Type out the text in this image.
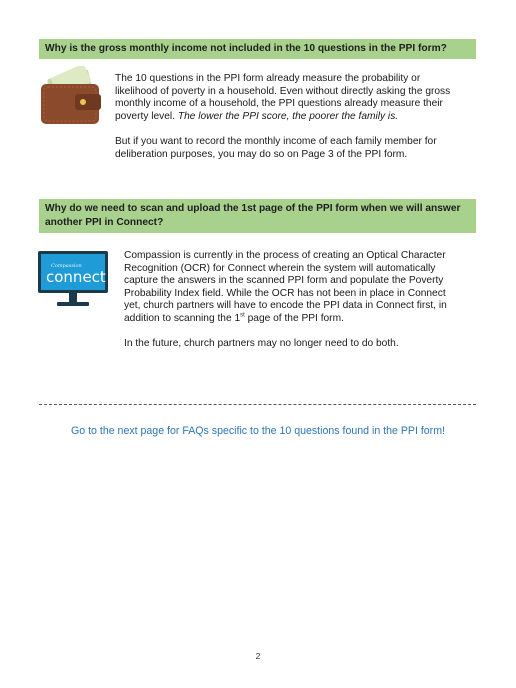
Why is the gross monthly income not included in the 10 questions in the PPI form?

The 10 questions in the PPI form already measure the probability or likelihood of poverty in a household. Even without directly asking the gross monthly income of a household, the PPI questions already measure their poverty level. The lower the PPI score, the poorer the family is.

But if you want to record the monthly income of each family member for deliberation purposes, you may do so on Page 3 of the PPI form.

Why do we need to scan and upload the 1st page of the PPI form when we will answer another PPI in Connect?
Compassion
connect

Compassion is currently in the process of creating an Optical Character Recognition (OCR) for Connect wherein the system will automatically capture the answers in the scanned PPI form and populate the Poverty Probability Index field. While the OCR has not been in place in Connect yet, church partners will have to encode the PPI data in Connect first, in addition to scanning the 1st page of the PPI form.

In the future, church partners may no longer need to do both.

Go to the next page for FAQs specific to the 10 questions found in the PPI form!
2
